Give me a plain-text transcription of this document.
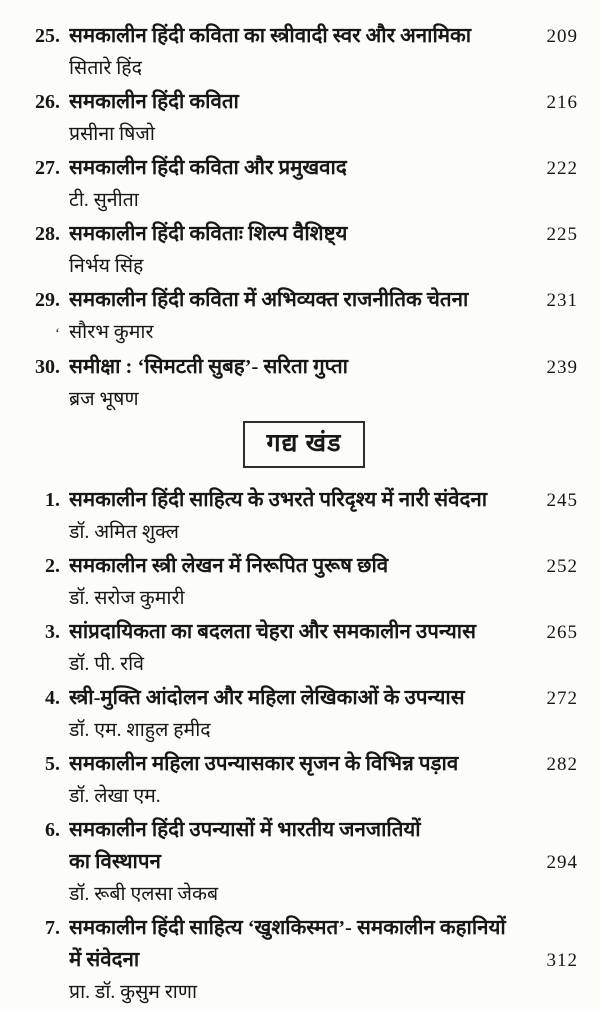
25. समकालीन हिंदी कविता का स्त्रीवादी स्वर और अनामिका	209
सितारे हिंद
26. समकालीन हिंदी कविता	216
प्रसीना षिजो
27. समकालीन हिंदी कविता और प्रमुखवाद	222
टी. सुनीता
28. समकालीन हिंदी कविताः शिल्प वैशिष्ट्य	225
निर्भय सिंह
29. समकालीन हिंदी कविता में अभिव्यक्त राजनीतिक चेतना	231
‘ सौरभ कुमार
30. समीक्षा : ‘सिमटती सुबह’- सरिता गुप्ता	239
ब्रज भूषण
गद्य खंड
1. समकालीन हिंदी साहित्य के उभरते परिदृश्य में नारी संवेदना	245
डॉ. अमित शुक्ल
2. समकालीन स्त्री लेखन में निरूपित पुरूष छवि	252
डॉ. सरोज कुमारी
3. सांप्रदायिकता का बदलता चेहरा और समकालीन उपन्यास	265
डॉ. पी. रवि
4. स्त्री-मुक्ति आंदोलन और महिला लेखिकाओं के उपन्यास	272
डॉ. एम. शाहुल हमीद
5. समकालीन महिला उपन्यासकार सृजन के विभिन्न पड़ाव	282
डॉ. लेखा एम.
6. समकालीन हिंदी उपन्यासों में भारतीय जनजातियों
का विस्थापन	294
डॉ. रूबी एलसा जेकब
7. समकालीन हिंदी साहित्य ‘खुशकिस्मत’- समकालीन कहानियों
में संवेदना	312
प्रा. डॉ. कुसुम राणा
